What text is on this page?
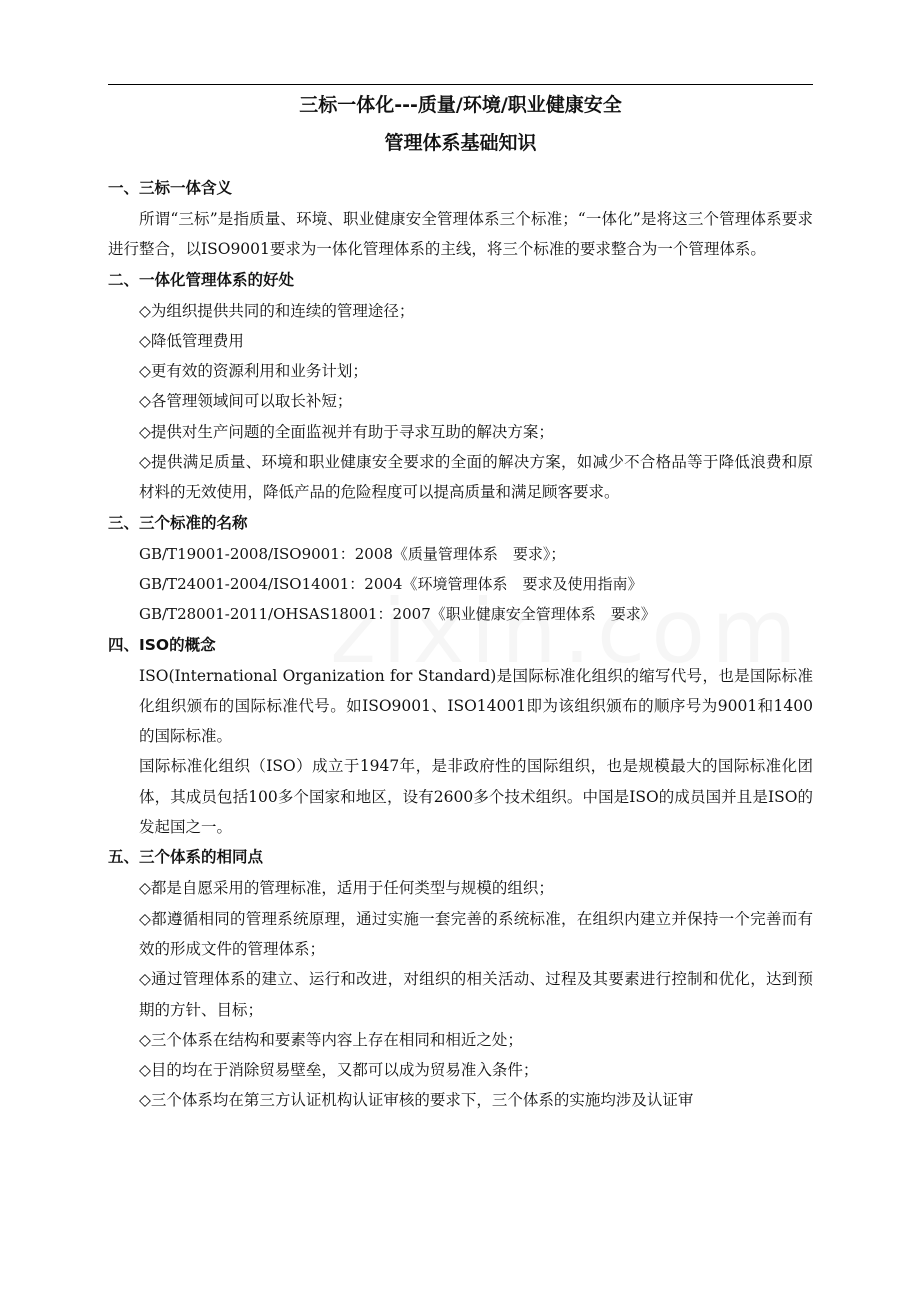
三标一体化---质量/环境/职业健康安全
管理体系基础知识
一、三标一体含义

所谓“三标”是指质量、环境、职业健康安全管理体系三个标准；“一体化”是将这三个管理体系要求进行整合，以ISO9001要求为一体化管理体系的主线，将三个标准的要求整合为一个管理体系。

二、一体化管理体系的好处

◇为组织提供共同的和连续的管理途径；

◇降低管理费用

◇更有效的资源利用和业务计划；

◇各管理领域间可以取长补短；

◇提供对生产问题的全面监视并有助于寻求互助的解决方案；

◇提供满足质量、环境和职业健康安全要求的全面的解决方案，如减少不合格品等于降低浪费和原材料的无效使用，降低产品的危险程度可以提高质量和满足顾客要求。

三、三个标准的名称
GB/T19001-2008/ISO9001：2008《质量管理体系　要求》；
GB/T24001-2004/ISO14001：2004《环境管理体系　要求及使用指南》
GB/T28001-2011/OHSAS18001：2007《职业健康安全管理体系　要求》
四、ISO的概念

ISO(International Organization for Standard)是国际标准化组织的缩写代号，也是国际标准化组织颁布的国际标准代号。如ISO9001、ISO14001即为该组织颁布的顺序号为9001和1400的国际标准。

国际标准化组织（ISO）成立于1947年，是非政府性的国际组织，也是规模最大的国际标准化团体，其成员包括100多个国家和地区，设有2600多个技术组织。中国是ISO的成员国并且是ISO的发起国之一。

五、三个体系的相同点

◇都是自愿采用的管理标准，适用于任何类型与规模的组织；

◇都遵循相同的管理系统原理，通过实施一套完善的系统标准，在组织内建立并保持一个完善而有效的形成文件的管理体系；

◇通过管理体系的建立、运行和改进，对组织的相关活动、过程及其要素进行控制和优化，达到预期的方针、目标；

◇三个体系在结构和要素等内容上存在相同和相近之处；

◇目的均在于消除贸易壁垒，又都可以成为贸易准入条件；

◇三个体系均在第三方认证机构认证审核的要求下，三个体系的实施均涉及认证审
